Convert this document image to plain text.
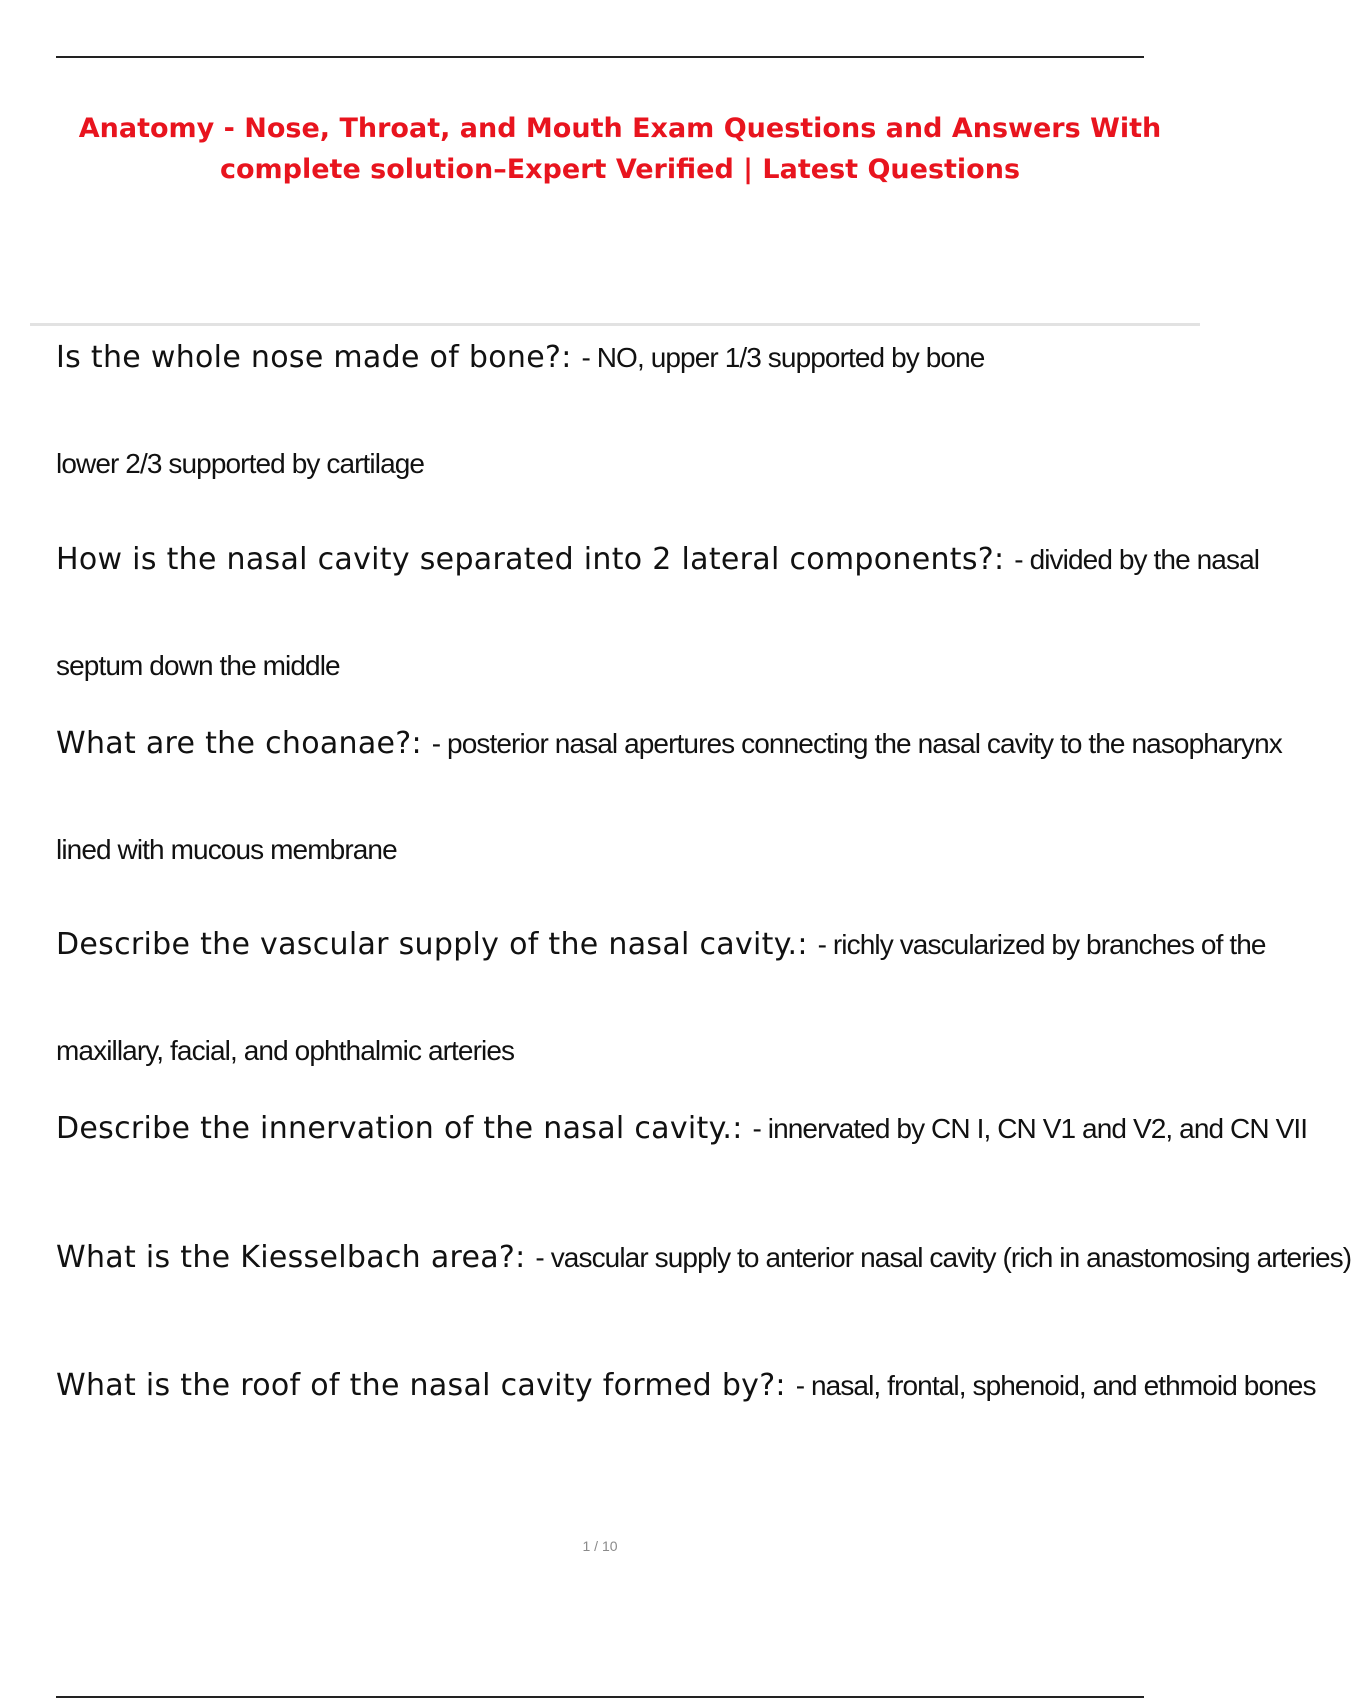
Anatomy - Nose, Throat, and Mouth Exam Questions and Answers With complete solution–Expert Verified | Latest Questions

Is the whole nose made of bone?: - NO, upper 1/3 supported by bone

lower 2/3 supported by cartilage

How is the nasal cavity separated into 2 lateral components?: - divided by the nasal

septum down the middle

What are the choanae?: - posterior nasal apertures connecting the nasal cavity to the nasopharynx

lined with mucous membrane

Describe the vascular supply of the nasal cavity.: - richly vascularized by branches of the

maxillary, facial, and ophthalmic arteries

Describe the innervation of the nasal cavity.: - innervated by CN I, CN V1 and V2, and CN VII

What is the Kiesselbach area?: - vascular supply to anterior nasal cavity (rich in anastomosing arteries)

What is the roof of the nasal cavity formed by?: - nasal, frontal, sphenoid, and ethmoid bones

1 / 10
